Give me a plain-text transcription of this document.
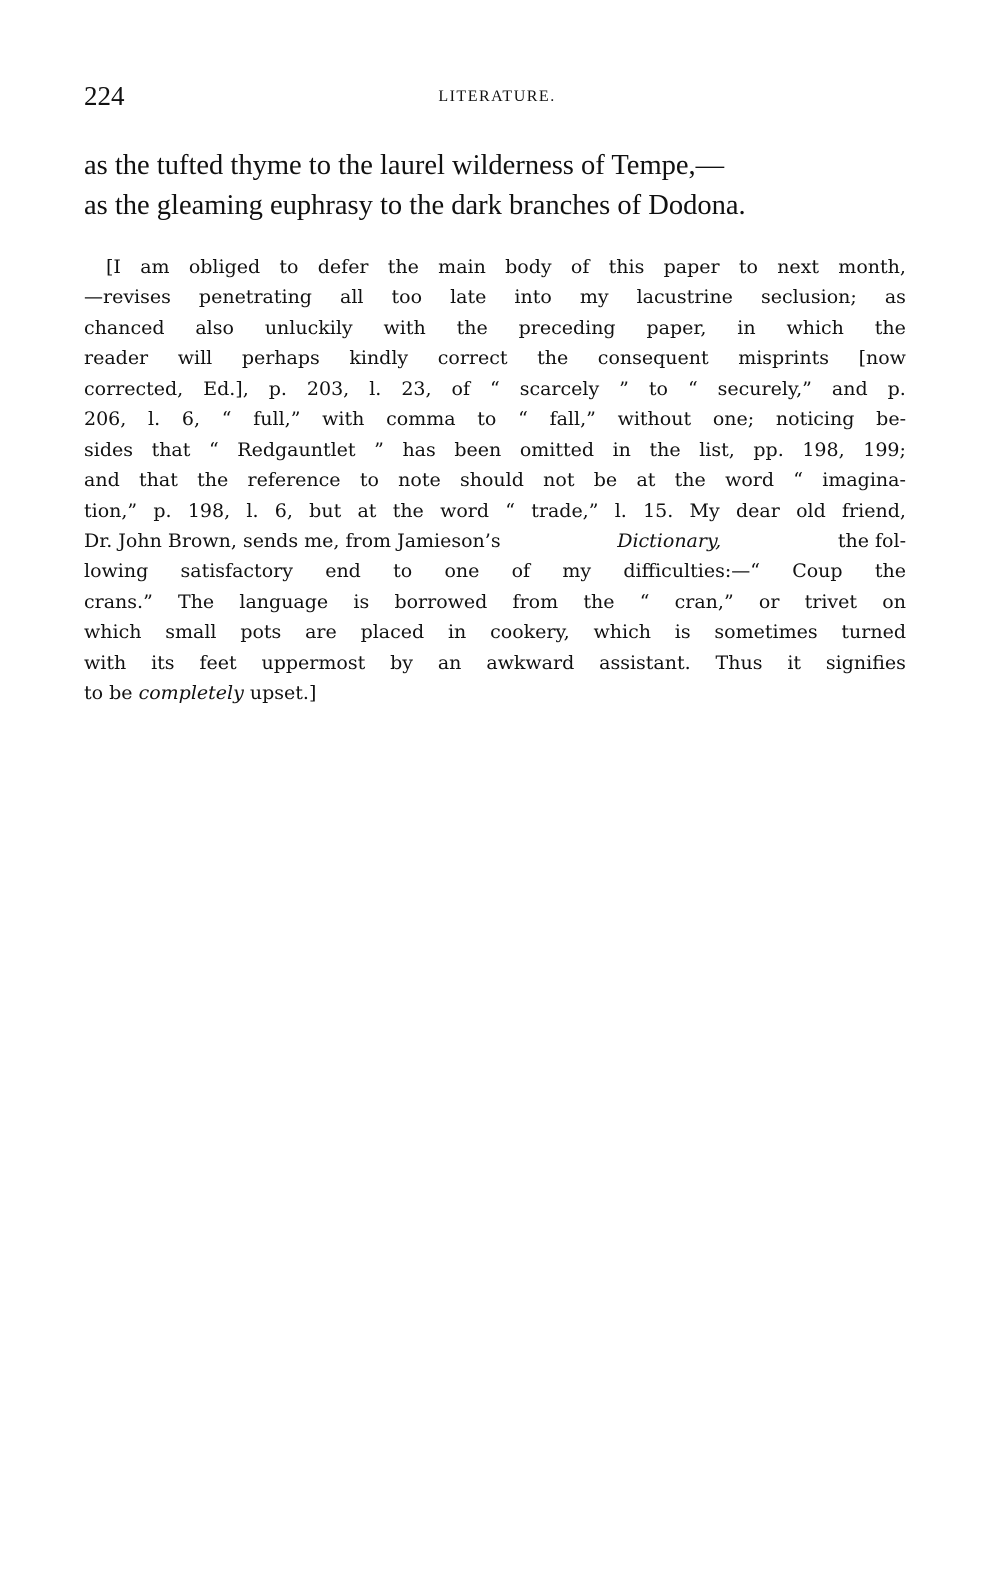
224	LITERATURE.
as the tufted thyme to the laurel wilderness of Tempe,—
as the gleaming euphrasy to the dark branches of Dodona.
[I am obliged to defer the main body of this paper to next month,
—revises penetrating all too late into my lacustrine seclusion; as
chanced also unluckily with the preceding paper, in which the
reader will perhaps kindly correct the consequent misprints [now
corrected, Ed.], p. 203, l. 23, of “ scarcely ” to “ securely,” and p.
206, l. 6, “ full,” with comma to “ fall,” without one; noticing be-
sides that “ Redgauntlet ” has been omitted in the list, pp. 198, 199;
and that the reference to note should not be at the word “ imagina-
tion,” p. 198, l. 6, but at the word “ trade,” l. 15. My dear old friend,
Dr. John Brown, sends me, from Jamieson’s	Dictionary,	the fol-
lowing satisfactory end to one of my difficulties:—“ Coup the
crans.” The language is borrowed from the “ cran,” or trivet on
which small pots are placed in cookery, which is sometimes turned
with its feet uppermost by an awkward assistant. Thus it signifies
to be
completely
upset.]
